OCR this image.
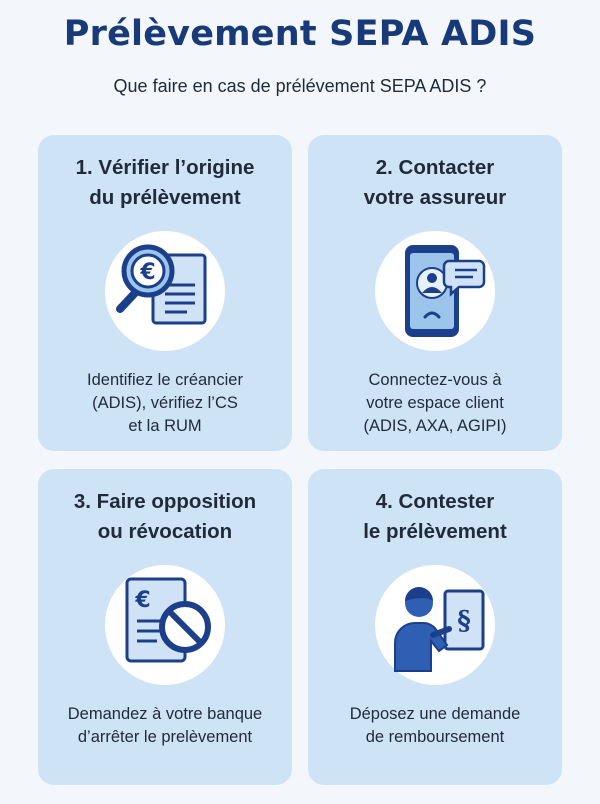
Prélèvement SEPA ADIS
Que faire en cas de prélévement SEPA ADIS ?
1. Vérifier l’origine
du prélèvement
€
Identifiez le créancier
(ADIS), vérifiez l’CS
et la RUM
2. Contacter
votre assureur
Connectez-vous à
votre espace client
(ADIS, AXA, AGIPI)
3. Faire opposition
ou révocation
€
Demandez à votre banque
d’arrêter le prelèvement
4. Contester
le prélèvement
§
Déposez une demande
de remboursement
